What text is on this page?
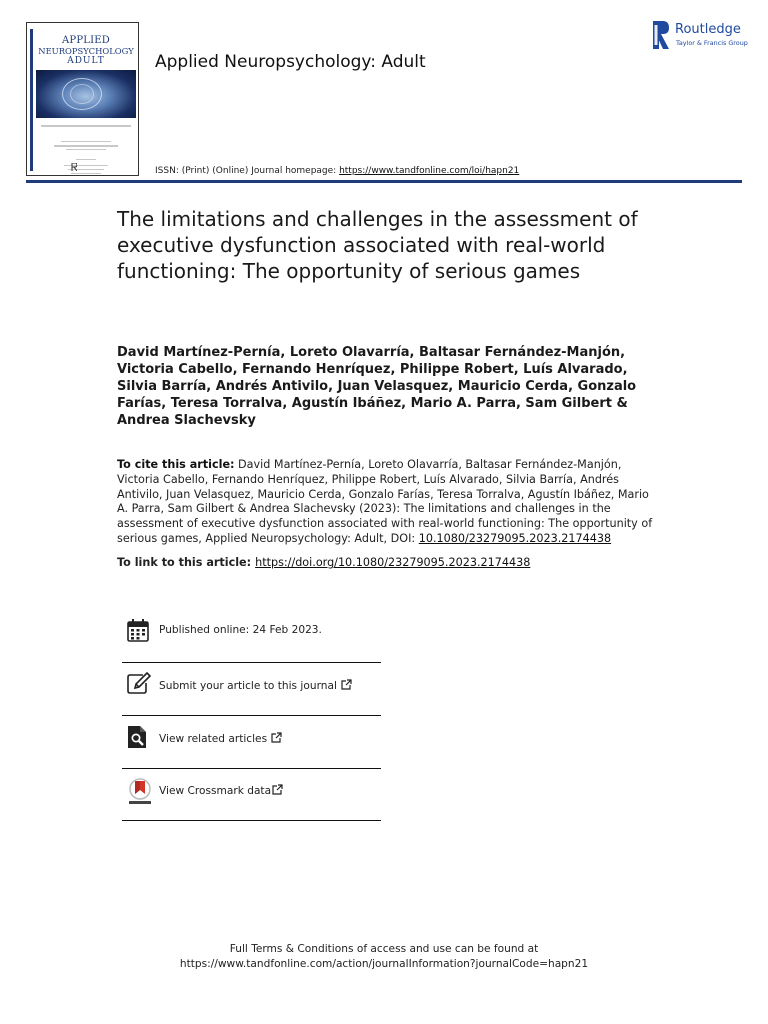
APPLIED
NEUROPSYCHOLOGY
ADULT	Applied Neuropsychology: Adult
Routledge
Taylor & Francis Group
ISSN: (Print) (Online) Journal homepage: https://www.tandfonline.com/loi/hapn21
The limitations and challenges in the assessment of executive dysfunction associated with real-world functioning: The opportunity of serious games
David Martínez-Pernía, Loreto Olavarría, Baltasar Fernández-Manjón, Victoria Cabello, Fernando Henríquez, Philippe Robert, Luís Alvarado, Silvia Barría, Andrés Antivilo, Juan Velasquez, Mauricio Cerda, Gonzalo Farías, Teresa Torralva, Agustín Ibáñez, Mario A. Parra, Sam Gilbert & Andrea Slachevsky
To cite this article: David Martínez-Pernía, Loreto Olavarría, Baltasar Fernández-Manjón, Victoria Cabello, Fernando Henríquez, Philippe Robert, Luís Alvarado, Silvia Barría, Andrés Antivilo, Juan Velasquez, Mauricio Cerda, Gonzalo Farías, Teresa Torralva, Agustín Ibáñez, Mario A. Parra, Sam Gilbert & Andrea Slachevsky (2023): The limitations and challenges in the assessment of executive dysfunction associated with real-world functioning: The opportunity of serious games, Applied Neuropsychology: Adult, DOI: 10.1080/23279095.2023.2174438
To link to this article: https://doi.org/10.1080/23279095.2023.2174438
Published online: 24 Feb 2023.
Submit your article to this journal
View related articles
View Crossmark data
Full Terms & Conditions of access and use can be found at
https://www.tandfonline.com/action/journalInformation?journalCode=hapn21
